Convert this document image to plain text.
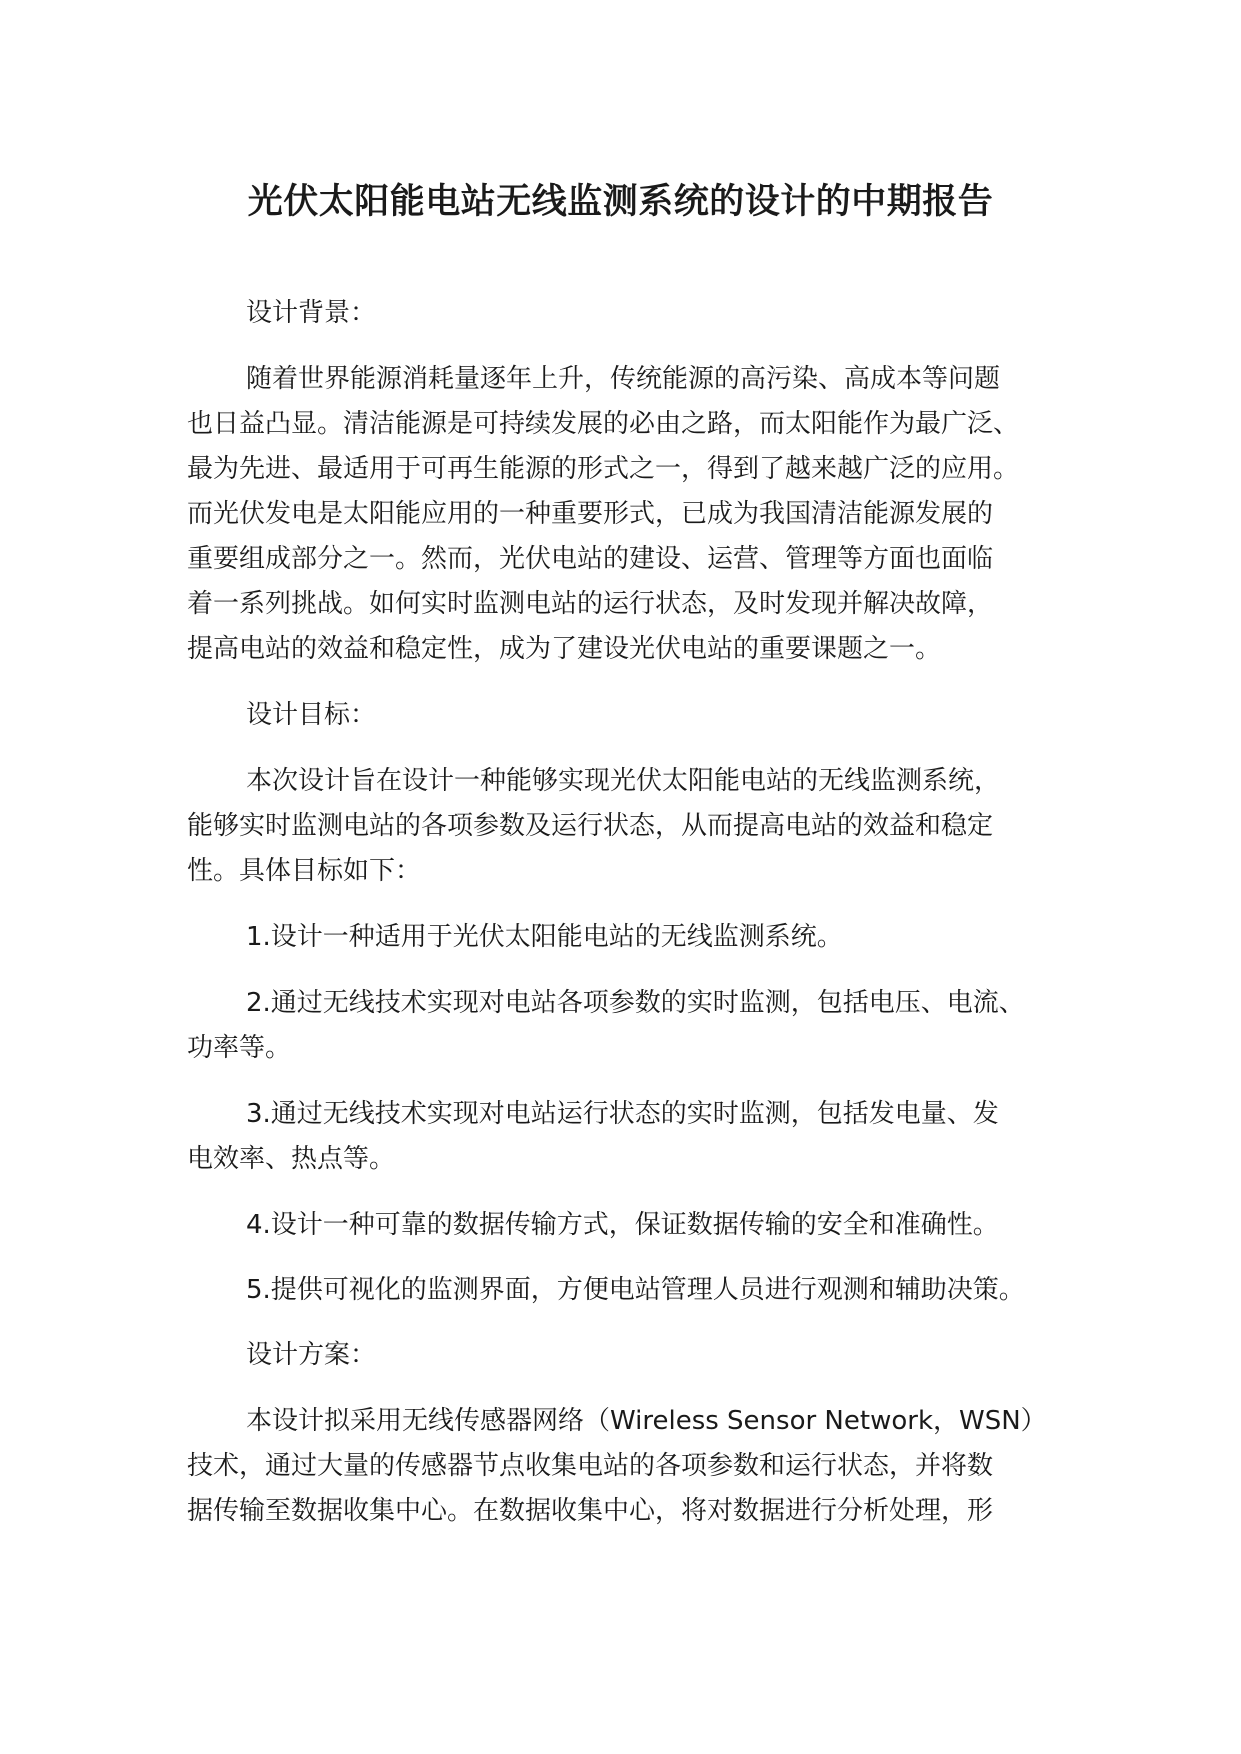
光伏太阳能电站无线监测系统的设计的中期报告

设计背景：

随着世界能源消耗量逐年上升，传统能源的高污染、高成本等问题

也日益凸显。清洁能源是可持续发展的必由之路，而太阳能作为最广泛、

最为先进、最适用于可再生能源的形式之一，得到了越来越广泛的应用。

而光伏发电是太阳能应用的一种重要形式，已成为我国清洁能源发展的

重要组成部分之一。然而，光伏电站的建设、运营、管理等方面也面临

着一系列挑战。如何实时监测电站的运行状态，及时发现并解决故障，

提高电站的效益和稳定性，成为了建设光伏电站的重要课题之一。

设计目标：

本次设计旨在设计一种能够实现光伏太阳能电站的无线监测系统，

能够实时监测电站的各项参数及运行状态，从而提高电站的效益和稳定

性。具体目标如下：

1.设计一种适用于光伏太阳能电站的无线监测系统。

2.通过无线技术实现对电站各项参数的实时监测，包括电压、电流、

功率等。

3.通过无线技术实现对电站运行状态的实时监测，包括发电量、发

电效率、热点等。

4.设计一种可靠的数据传输方式，保证数据传输的安全和准确性。

5.提供可视化的监测界面，方便电站管理人员进行观测和辅助决策。

设计方案：

本设计拟采用无线传感器网络（Wireless Sensor Network，WSN）

技术，通过大量的传感器节点收集电站的各项参数和运行状态，并将数

据传输至数据收集中心。在数据收集中心，将对数据进行分析处理，形
